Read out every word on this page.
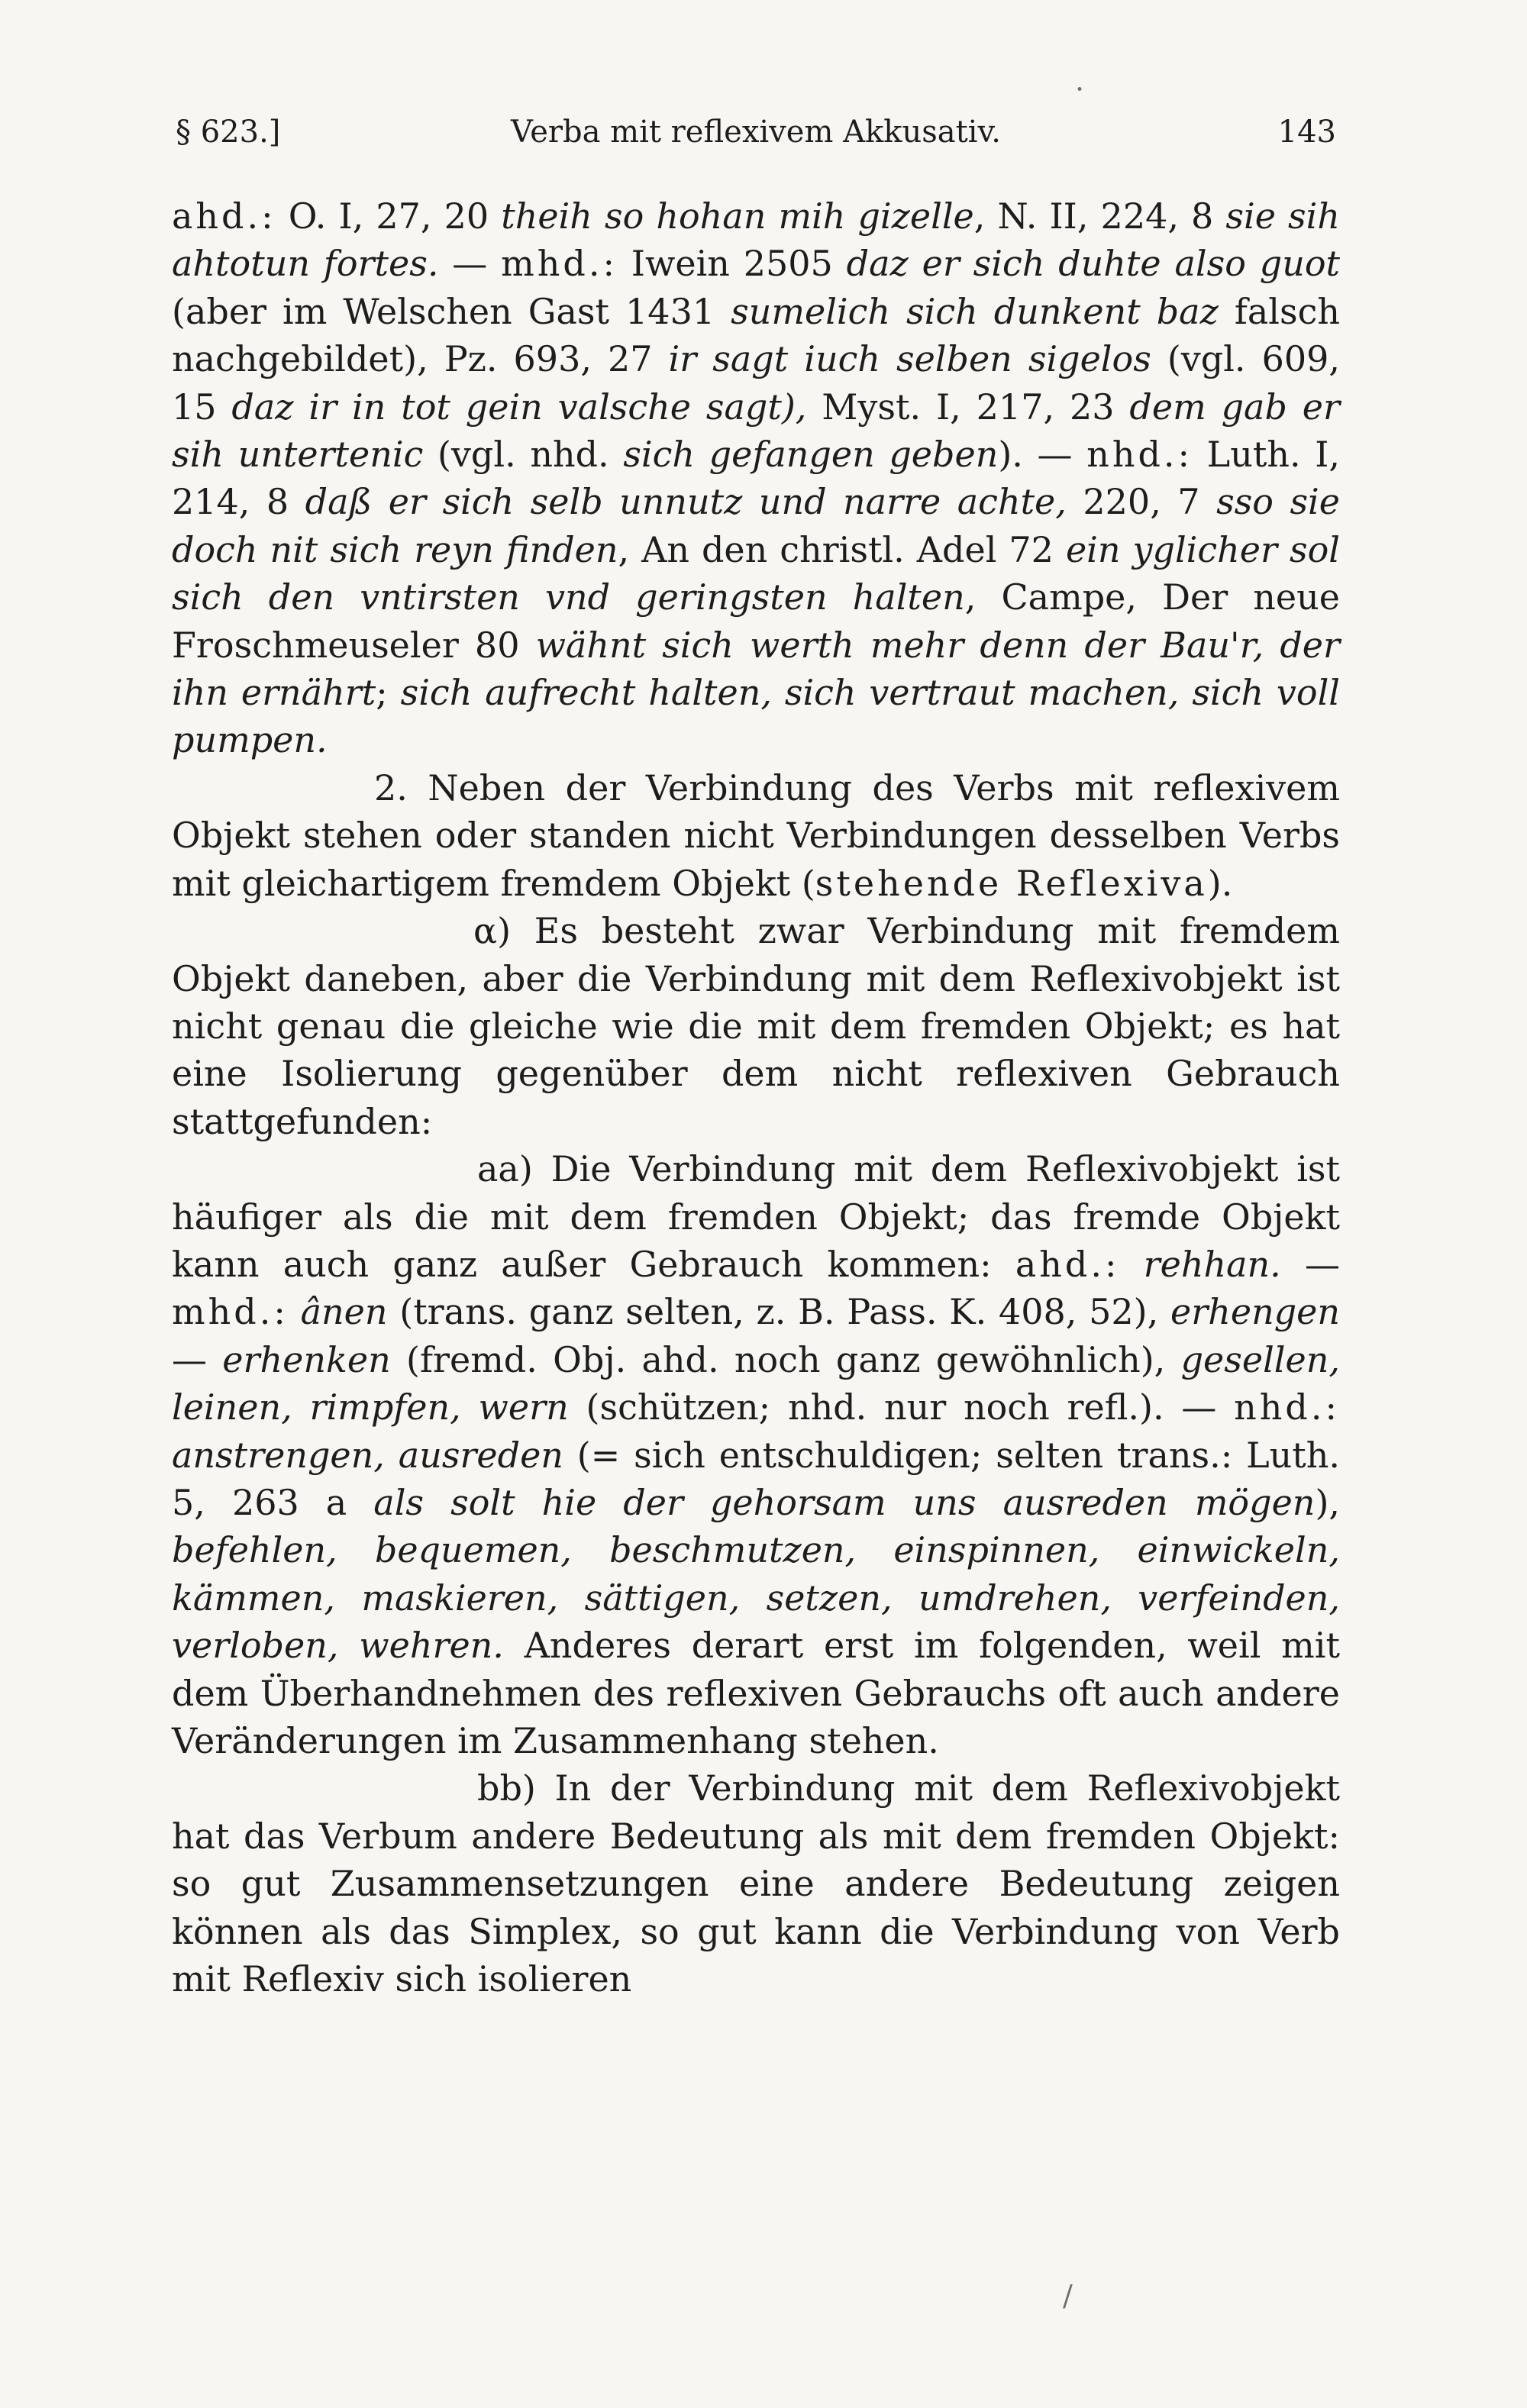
Verba mit reflexivem Akkusativ.
§ 623.]	143

ahd.: O. I, 27, 20 theih so hohan mih gizelle, N. II, 224, 8 sie sih ahtotun fortes. — mhd.: Iwein 2505 daz er sich duhte also guot (aber im Welschen Gast 1431 sumelich sich dunkent baz falsch nachgebildet), Pz. 693, 27 ir sagt iuch selben sigelos (vgl. 609, 15 daz ir in tot gein valsche sagt), Myst. I, 217, 23 dem gab er sih untertenic (vgl. nhd. sich gefangen geben). — nhd.: Luth. I, 214, 8 daß er sich selb unnutz und narre achte, 220, 7 sso sie doch nit sich reyn finden, An den christl. Adel 72 ein yglicher sol sich den vntirsten vnd geringsten halten, Campe, Der neue Froschmeuseler 80 wähnt sich werth mehr denn der Bau'r, der ihn ernährt; sich aufrecht halten, sich vertraut machen, sich voll pumpen.

2. Neben der Verbindung des Verbs mit reflexivem Objekt stehen oder standen nicht Verbindungen desselben Verbs mit gleichartigem fremdem Objekt (stehende Reflexiva).

α) Es besteht zwar Verbindung mit fremdem Objekt daneben, aber die Verbindung mit dem Reflexivobjekt ist nicht genau die gleiche wie die mit dem fremden Objekt; es hat eine Isolierung gegenüber dem nicht reflexiven Gebrauch stattgefunden:

aa) Die Verbindung mit dem Reflexivobjekt ist häufiger als die mit dem fremden Objekt; das fremde Objekt kann auch ganz außer Gebrauch kommen: ahd.: rehhan. — mhd.: ânen (trans. ganz selten, z. B. Pass. K. 408, 52), erhengen — erhenken (fremd. Obj. ahd. noch ganz gewöhnlich), gesellen, leinen, rimpfen, wern (schützen; nhd. nur noch refl.). — nhd.: anstrengen, ausreden (= sich entschuldigen; selten trans.: Luth. 5, 263 a als solt hie der gehorsam uns ausreden mögen), befehlen, bequemen, beschmutzen, einspinnen, einwickeln, kämmen, maskieren, sättigen, setzen, umdrehen, verfeinden, verloben, wehren. Anderes derart erst im folgenden, weil mit dem Überhandnehmen des reflexiven Gebrauchs oft auch andere Veränderungen im Zusammenhang stehen.

bb) In der Verbindung mit dem Reflexivobjekt hat das Verbum andere Bedeutung als mit dem fremden Objekt: so gut Zusammensetzungen eine andere Bedeutung zeigen können als das Simplex, so gut kann die Verbindung von Verb mit Reflexiv sich isolieren

·
/
